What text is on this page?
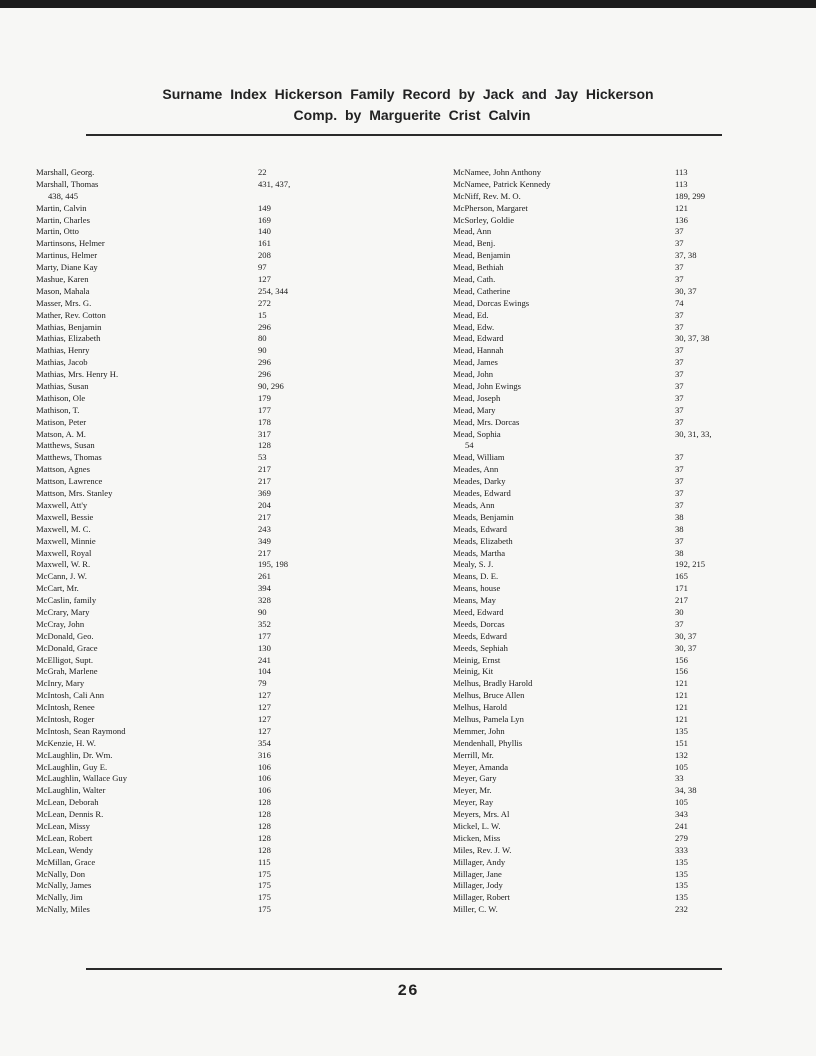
Surname Index Hickerson Family Record by Jack and Jay Hickerson
Comp. by Marguerite Crist Calvin
Marshall, Georg.	22
Marshall, Thomas	431, 437,
438, 445
Martin, Calvin	149
Martin, Charles	169
Martin, Otto	140
Martinsons, Helmer	161
Martinus, Helmer	208
Marty, Diane Kay	97
Mashue, Karen	127
Mason, Mahala	254, 344
Masser, Mrs. G.	272
Mather, Rev. Cotton	15
Mathias, Benjamin	296
Mathias, Elizabeth	80
Mathias, Henry	90
Mathias, Jacob	296
Mathias, Mrs. Henry H.	296
Mathias, Susan	90, 296
Mathison, Ole	179
Mathison, T.	177
Matison, Peter	178
Matson, A. M.	317
Matthews, Susan	128
Matthews, Thomas	53
Mattson, Agnes	217
Mattson, Lawrence	217
Mattson, Mrs. Stanley	369
Maxwell, Att'y	204
Maxwell, Bessie	217
Maxwell, M. C.	243
Maxwell, Minnie	349
Maxwell, Royal	217
Maxwell, W. R.	195, 198
McCann, J. W.	261
McCart, Mr.	394
McCaslin, family	328
McCrary, Mary	90
McCray, John	352
McDonald, Geo.	177
McDonald, Grace	130
McElligot, Supt.	241
McGrah, Marlene	104
McInry, Mary	79
McIntosh, Cali Ann	127
McIntosh, Renee	127
McIntosh, Roger	127
McIntosh, Sean Raymond	127
McKenzie, H. W.	354
McLaughlin, Dr. Wm.	316
McLaughlin, Guy E.	106
McLaughlin, Wallace Guy	106
McLaughlin, Walter	106
McLean, Deborah	128
McLean, Dennis R.	128
McLean, Missy	128
McLean, Robert	128
McLean, Wendy	128
McMillan, Grace	115
McNally, Don	175
McNally, James	175
McNally, Jim	175
McNally, Miles	175
McNamee, John Anthony	113
McNamee, Patrick Kennedy	113
McNiff, Rev. M. O.	189, 299
McPherson, Margaret	121
McSorley, Goldie	136
Mead, Ann	37
Mead, Benj.	37
Mead, Benjamin	37, 38
Mead, Bethiah	37
Mead, Cath.	37
Mead, Catherine	30, 37
Mead, Dorcas Ewings	74
Mead, Ed.	37
Mead, Edw.	37
Mead, Edward	30, 37, 38
Mead, Hannah	37
Mead, James	37
Mead, John	37
Mead, John Ewings	37
Mead, Joseph	37
Mead, Mary	37
Mead, Mrs. Dorcas	37
Mead, Sophia	30, 31, 33,
54
Mead, William	37
Meades, Ann	37
Meades, Darky	37
Meades, Edward	37
Meads, Ann	37
Meads, Benjamin	38
Meads, Edward	38
Meads, Elizabeth	37
Meads, Martha	38
Mealy, S. J.	192, 215
Means, D. E.	165
Means, house	171
Means, May	217
Meed, Edward	30
Meeds, Dorcas	37
Meeds, Edward	30, 37
Meeds, Sephiah	30, 37
Meinig, Ernst	156
Meinig, Kit	156
Melhus, Bradly Harold	121
Melhus, Bruce Allen	121
Melhus, Harold	121
Melhus, Pamela Lyn	121
Memmer, John	135
Mendenhall, Phyllis	151
Merrill, Mr.	132
Meyer, Amanda	105
Meyer, Gary	33
Meyer, Mr.	34, 38
Meyer, Ray	105
Meyers, Mrs. Al	343
Mickel, L. W.	241
Micken, Miss	279
Miles, Rev. J. W.	333
Millager, Andy	135
Millager, Jane	135
Millager, Jody	135
Millager, Robert	135
Miller, C. W.	232
26
